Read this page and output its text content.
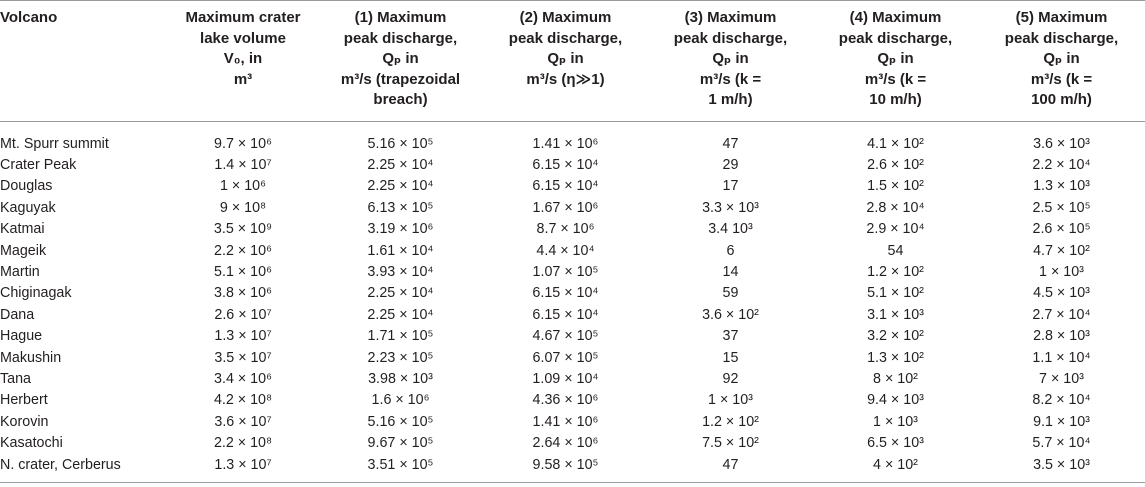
Volcano	Maximum crater
lake volume
V₀, in
m³	(1) Maximum
peak discharge,
Qₚ in
m³/s (trapezoidal
breach)	(2) Maximum
peak discharge,
Qₚ in
m³/s (η≫1)	(3) Maximum
peak discharge,
Qₚ in
m³/s (k =
1 m/h)	(4) Maximum
peak discharge,
Qₚ in
m³/s (k =
10 m/h)	(5) Maximum
peak discharge,
Qₚ in
m³/s (k =
100 m/h)

Mt. Spurr summit	9.7 × 10⁶	5.16 × 10⁵	1.41 × 10⁶	47	4.1 × 10²	3.6 × 10³
Crater Peak	1.4 × 10⁷	2.25 × 10⁴	6.15 × 10⁴	29	2.6 × 10²	2.2 × 10⁴
Douglas	1 × 10⁶	2.25 × 10⁴	6.15 × 10⁴	17	1.5 × 10²	1.3 × 10³
Kaguyak	9 × 10⁸	6.13 × 10⁵	1.67 × 10⁶	3.3 × 10³	2.8 × 10⁴	2.5 × 10⁵
Katmai	3.5 × 10⁹	3.19 × 10⁶	8.7 × 10⁶	3.4 10³	2.9 × 10⁴	2.6 × 10⁵
Mageik	2.2 × 10⁶	1.61 × 10⁴	4.4 × 10⁴	6	54	4.7 × 10²
Martin	5.1 × 10⁶	3.93 × 10⁴	1.07 × 10⁵	14	1.2 × 10²	1 × 10³
Chiginagak	3.8 × 10⁶	2.25 × 10⁴	6.15 × 10⁴	59	5.1 × 10²	4.5 × 10³
Dana	2.6 × 10⁷	2.25 × 10⁴	6.15 × 10⁴	3.6 × 10²	3.1 × 10³	2.7 × 10⁴
Hague	1.3 × 10⁷	1.71 × 10⁵	4.67 × 10⁵	37	3.2 × 10²	2.8 × 10³
Makushin	3.5 × 10⁷	2.23 × 10⁵	6.07 × 10⁵	15	1.3 × 10²	1.1 × 10⁴
Tana	3.4 × 10⁶	3.98 × 10³	1.09 × 10⁴	92	8 × 10²	7 × 10³
Herbert	4.2 × 10⁸	1.6 × 10⁶	4.36 × 10⁶	1 × 10³	9.4 × 10³	8.2 × 10⁴
Korovin	3.6 × 10⁷	5.16 × 10⁵	1.41 × 10⁶	1.2 × 10²	1 × 10³	9.1 × 10³
Kasatochi	2.2 × 10⁸	9.67 × 10⁵	2.64 × 10⁶	7.5 × 10²	6.5 × 10³	5.7 × 10⁴
N. crater, Cerberus	1.3 × 10⁷	3.51 × 10⁵	9.58 × 10⁵	47	4 × 10²	3.5 × 10³
